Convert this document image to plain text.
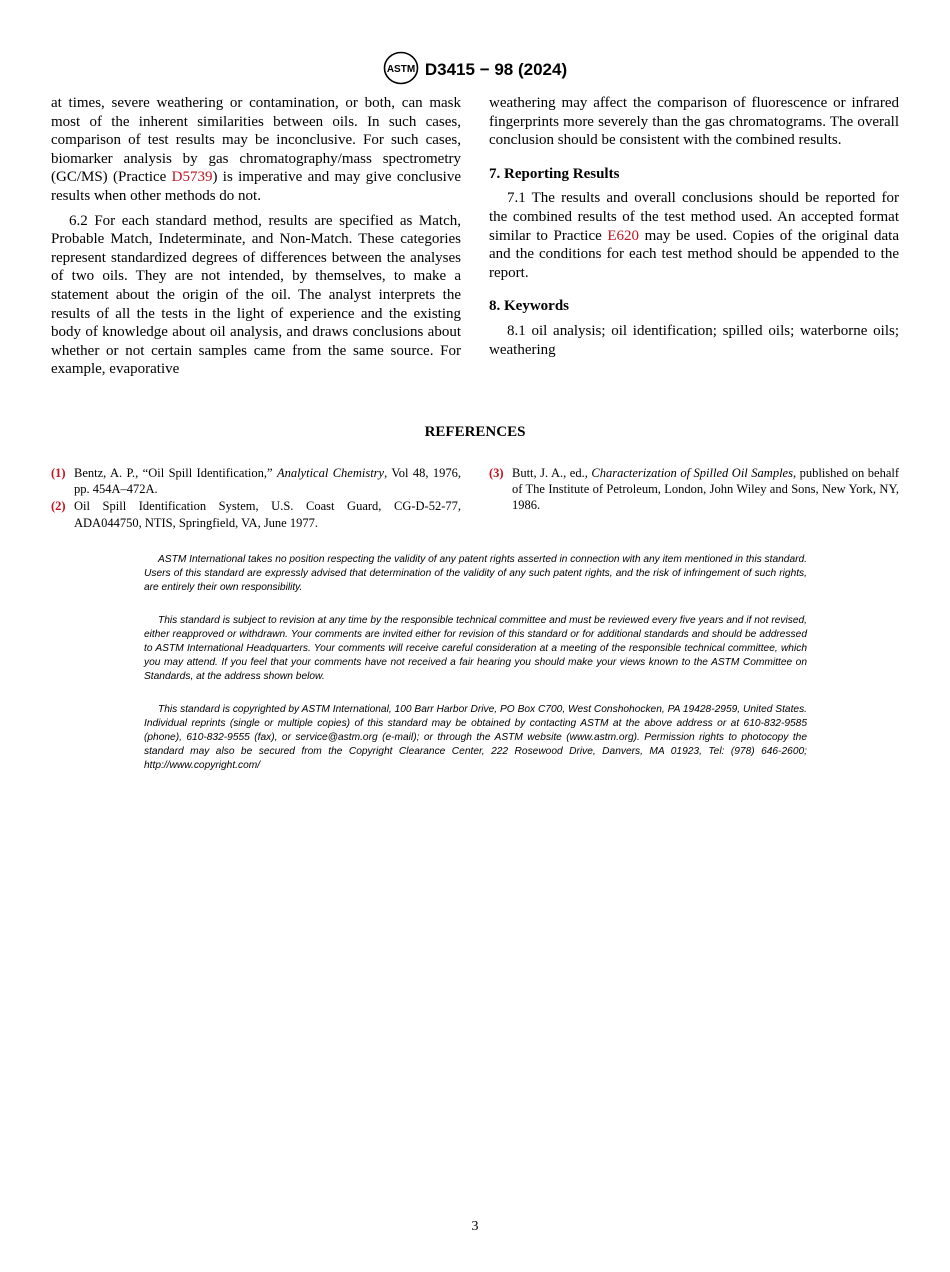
ASTM D3415 − 98 (2024)

at times, severe weathering or contamination, or both, can mask most of the inherent similarities between oils. In such cases, comparison of test results may be inconclusive. For such cases, biomarker analysis by gas chromatography/mass spectrometry (GC/MS) (Practice D5739) is imperative and may give conclusive results when other methods do not.

6.2 For each standard method, results are specified as Match, Probable Match, Indeterminate, and Non-Match. These categories represent standardized degrees of differences between the analyses of two oils. They are not intended, by themselves, to make a statement about the origin of the oil. The analyst interprets the results of all the tests in the light of experience and the existing body of knowledge about oil analysis, and draws conclusions about whether or not certain samples came from the same source. For example, evaporative

weathering may affect the comparison of fluorescence or infrared fingerprints more severely than the gas chromatograms. The overall conclusion should be consistent with the combined results.

7. Reporting Results

7.1 The results and overall conclusions should be reported for the combined results of the test method used. An accepted format similar to Practice E620 may be used. Copies of the original data and the conditions for each test method should be appended to the report.

8. Keywords

8.1 oil analysis; oil identification; spilled oils; waterborne oils; weathering

REFERENCES
(1) Bentz, A. P., “Oil Spill Identification,” Analytical Chemistry, Vol 48, 1976, pp. 454A–472A.
(2) Oil Spill Identification System, U.S. Coast Guard, CG-D-52-77, ADA044750, NTIS, Springfield, VA, June 1977.
(3) Butt, J. A., ed., Characterization of Spilled Oil Samples, published on behalf of The Institute of Petroleum, London, John Wiley and Sons, New York, NY, 1986.
ASTM International takes no position respecting the validity of any patent rights asserted in connection with any item mentioned in this standard. Users of this standard are expressly advised that determination of the validity of any such patent rights, and the risk of infringement of such rights, are entirely their own responsibility.
This standard is subject to revision at any time by the responsible technical committee and must be reviewed every five years and if not revised, either reapproved or withdrawn. Your comments are invited either for revision of this standard or for additional standards and should be addressed to ASTM International Headquarters. Your comments will receive careful consideration at a meeting of the responsible technical committee, which you may attend. If you feel that your comments have not received a fair hearing you should make your views known to the ASTM Committee on Standards, at the address shown below.
This standard is copyrighted by ASTM International, 100 Barr Harbor Drive, PO Box C700, West Conshohocken, PA 19428-2959, United States. Individual reprints (single or multiple copies) of this standard may be obtained by contacting ASTM at the above address or at 610-832-9585 (phone), 610-832-9555 (fax), or service@astm.org (e-mail); or through the ASTM website (www.astm.org). Permission rights to photocopy the standard may also be secured from the Copyright Clearance Center, 222 Rosewood Drive, Danvers, MA 01923, Tel: (978) 646-2600; http://www.copyright.com/
3
